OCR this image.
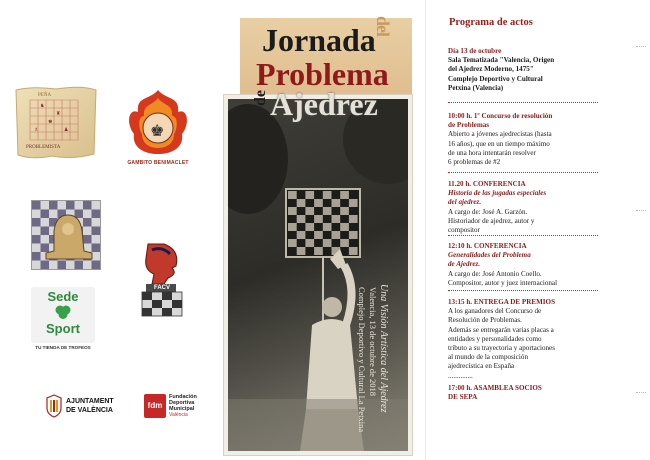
♞
♜
♚
♟
♗
PEÑA
PROBLEMISTA
♚
GAMBITO BENIMACLET
Sede
Sport
TU TIENDA DE TROFEOS
FACV
AJUNTAMENT
DE VALÈNCIA
fdm
Fundación
Deportiva
Municipal
València
Una Visión Artística del Ajedrez
Valencia, 13 de octubre de 2018
Complejo Deportivo y Cultural La Petxina
Jornada
del
Problema
de Ajedrez
Programa de actos
Día 13 de octubre
Sala Tematizada "Valencia, Origen
del Ajedrez Moderno, 1475"
Complejo Deportivo y Cultural
Petxina (Valencia)
10:00 h. 1º Concurso de resolución
de Problemas
Abierto a jóvenes ajedrecistas (hasta
16 años), que en un tiempo máximo
de una hora intentarán resolver
6 problemas de #2
11.20 h. CONFERENCIA
Historia de las jugadas especiales
del ajedrez.
A cargo de: José A. Garzón.
Historiador de ajedrez, autor y
compositor
12:10 h. CONFERENCIA
Generalidades del Problema
de Ajedrez.
A cargo de: José Antonio Coello.
Compositor, autor y juez internacional
13:15 h. ENTREGA DE PREMIOS
A los ganadores del Concurso de
Resolución de Problemas.
Además se entregarán varias placas a
entidades y personalidades como
tributo a su trayectoria y aportaciones
al mundo de la composición
ajedrecística en España
..............
17:00 h. ASAMBLEA SOCIOS
DE SEPA
